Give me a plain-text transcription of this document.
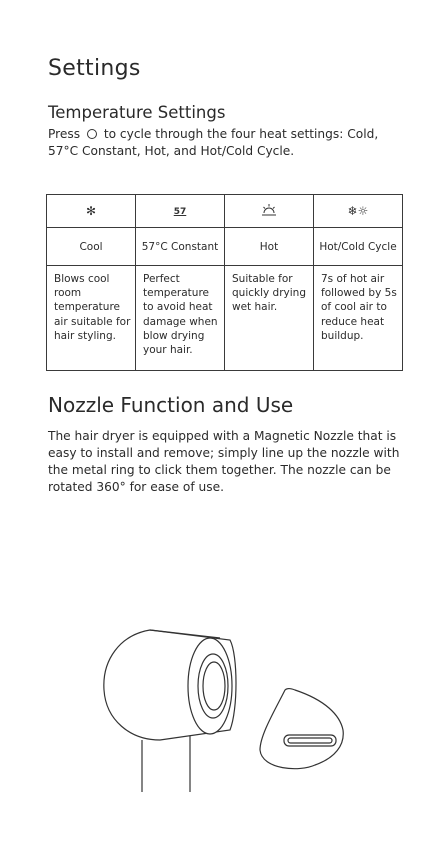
Settings
Temperature Settings
Press to cycle through the four heat settings: Cold, 57°C Constant, Hot, and Hot/Cold Cycle.
✻	57		❄☼
Cool	57°C Constant	Hot	Hot/Cold Cycle
Blows cool room temperature air suitable for hair styling.	Perfect temperature to avoid heat damage when blow drying your hair.	Suitable for quickly drying wet hair.	7s of hot air followed by 5s of cool air to reduce heat buildup.
Nozzle Function and Use
The hair dryer is equipped with a Magnetic Nozzle that is easy to install and remove; simply line up the nozzle with the metal ring to click them together. The nozzle can be rotated 360° for ease of use.
